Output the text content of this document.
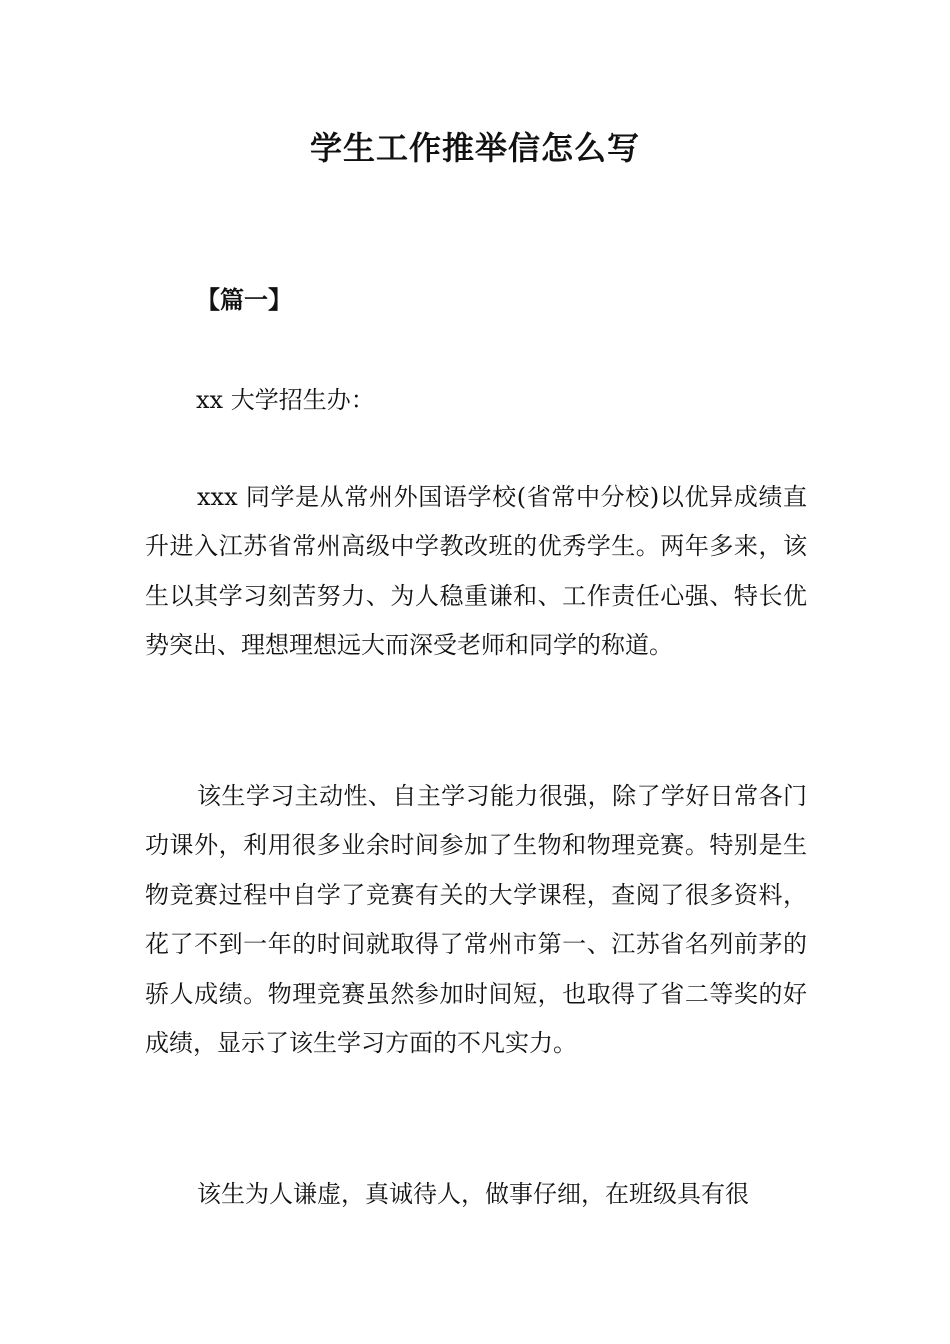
学生工作推举信怎么写

【篇一】

xx 大学招生办：

xxx 同学是从常州外国语学校(省常中分校)以优异成绩直升进入江苏省常州高级中学教改班的优秀学生。两年多来，该生以其学习刻苦努力、为人稳重谦和、工作责任心强、特长优势突出、理想理想远大而深受老师和同学的称道。

该生学习主动性、自主学习能力很强，除了学好日常各门功课外，利用很多业余时间参加了生物和物理竞赛。特别是生物竞赛过程中自学了竞赛有关的大学课程，查阅了很多资料，花了不到一年的时间就取得了常州市第一、江苏省名列前茅的骄人成绩。物理竞赛虽然参加时间短，也取得了省二等奖的好成绩，显示了该生学习方面的不凡实力。

该生为人谦虚，真诚待人，做事仔细，在班级具有很
